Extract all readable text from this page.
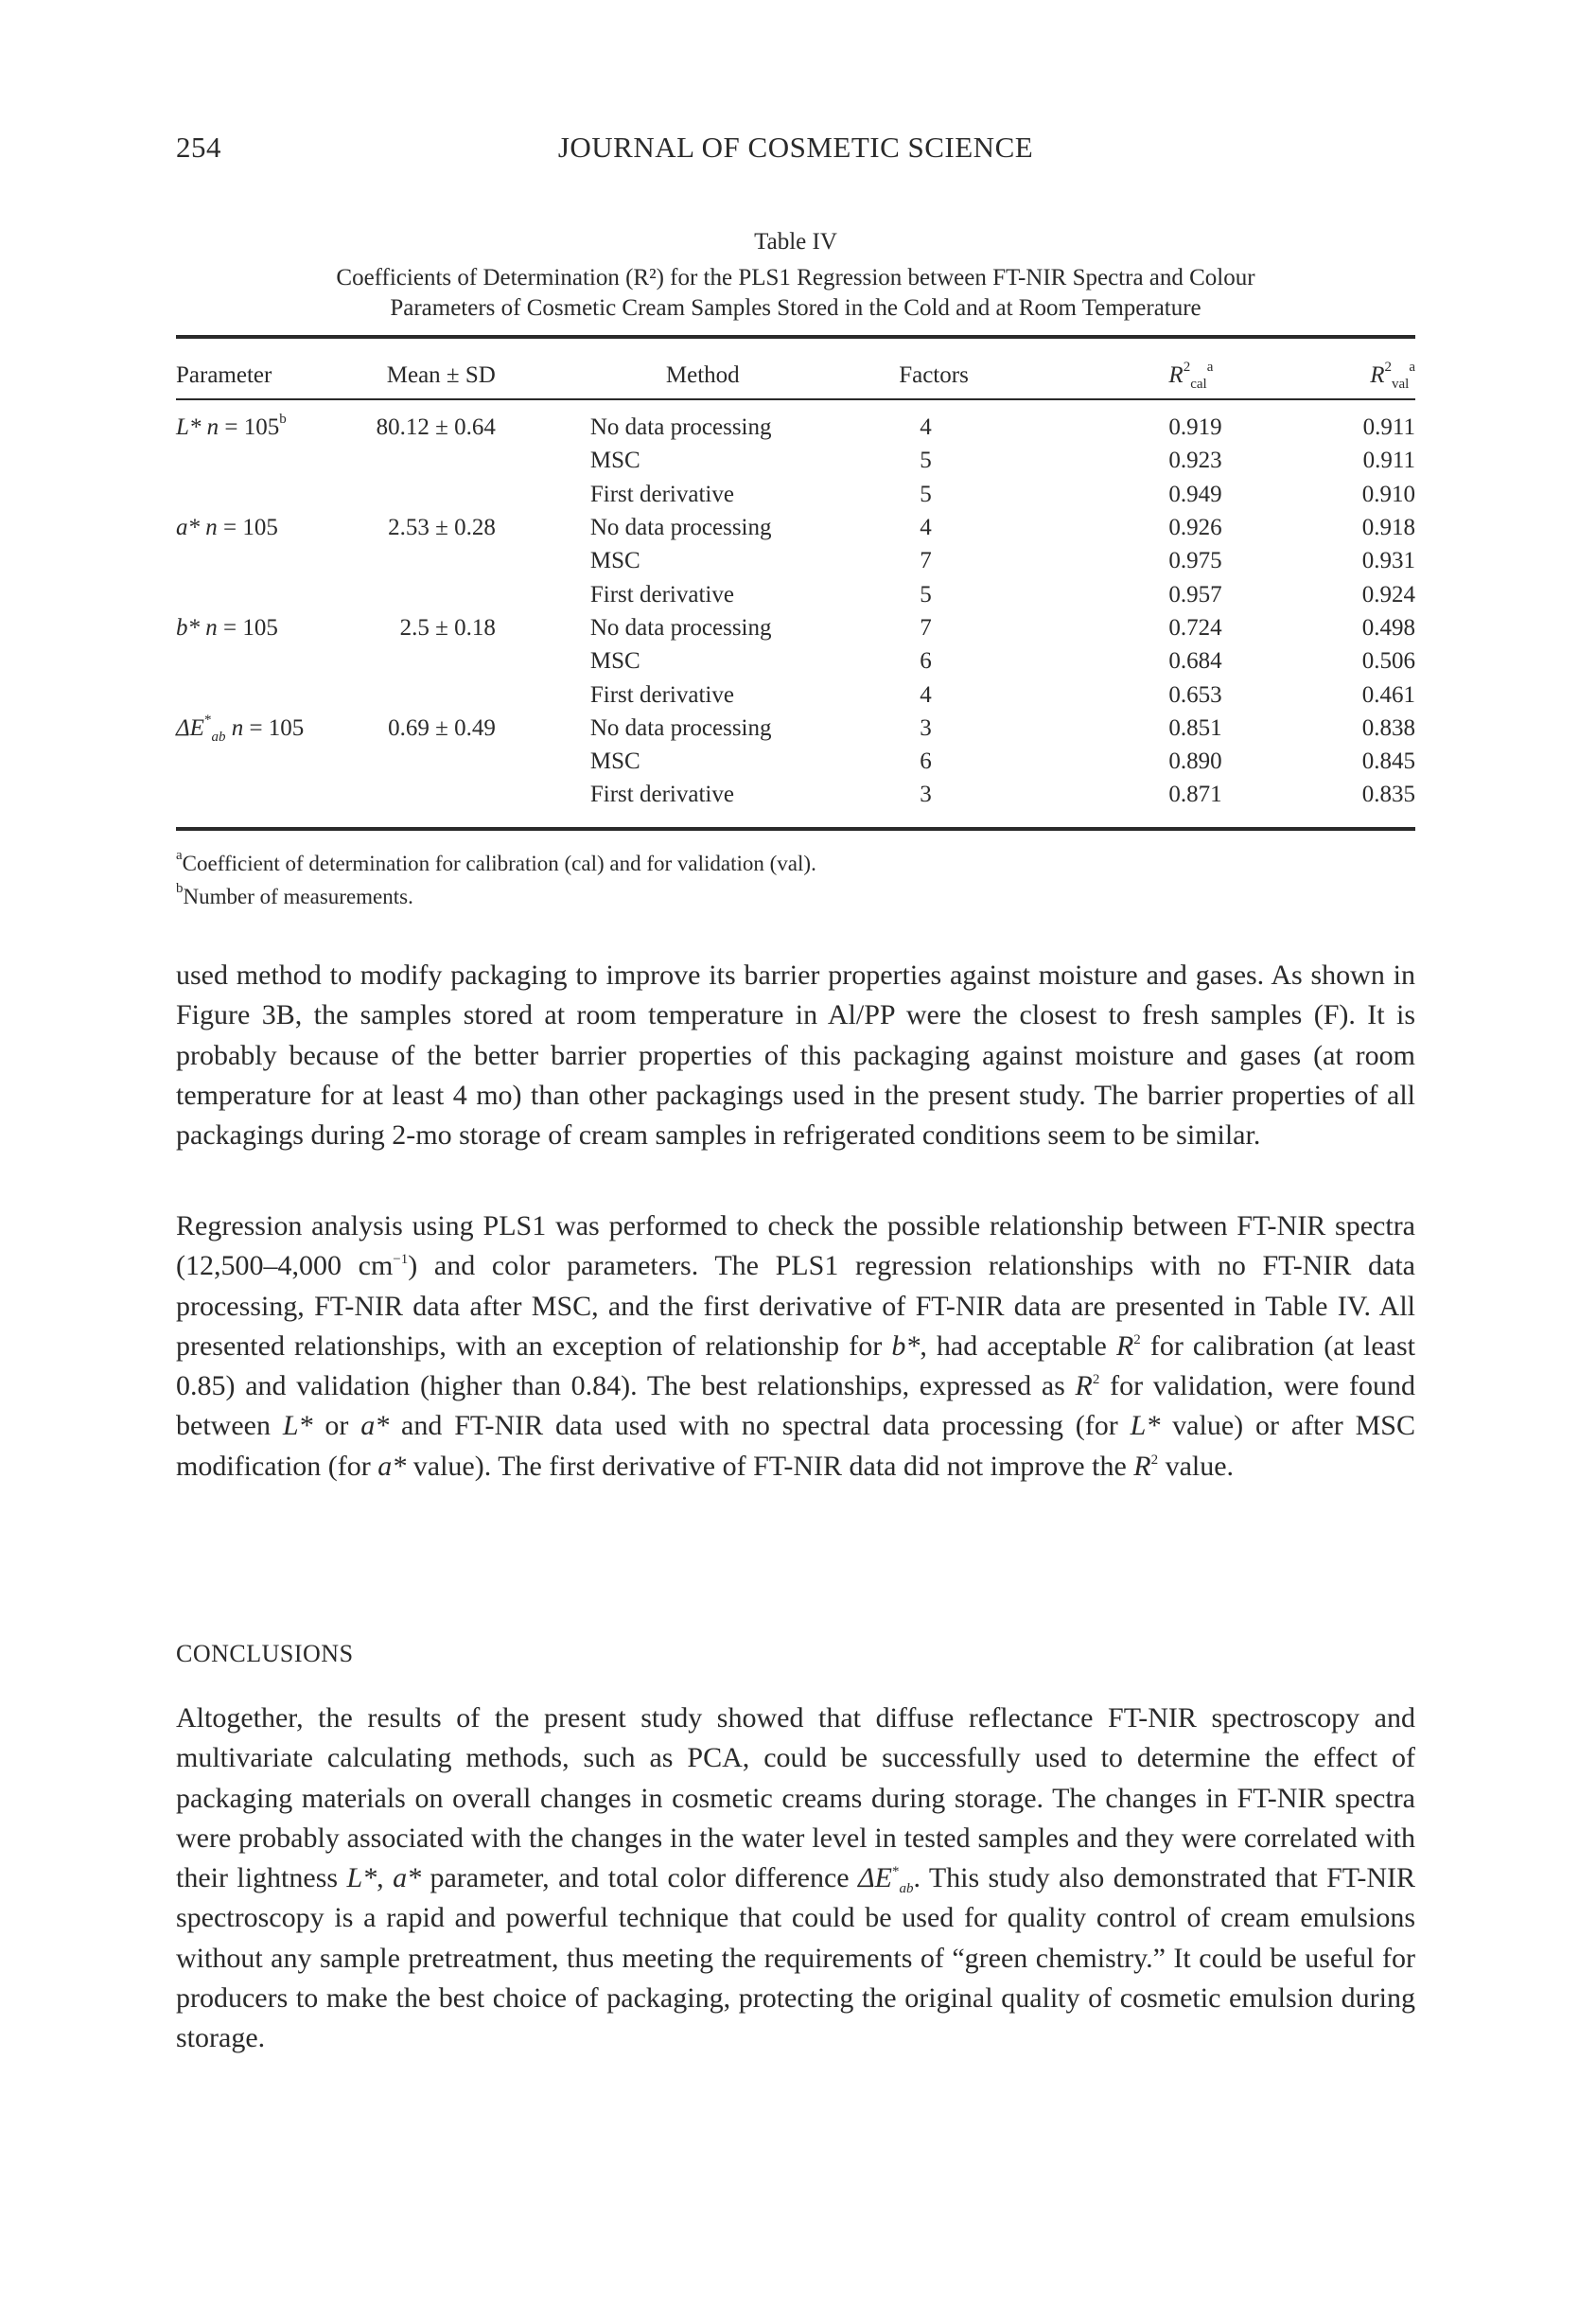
254	JOURNAL OF COSMETIC SCIENCE
Table IV
Coefficients of Determination (R²) for the PLS1 Regression between FT-NIR Spectra and Colour
Parameters of Cosmetic Cream Samples Stored in the Cold and at Room Temperature
Parameter	Mean ± SD	Method	Factors	$R^2_{cal}^a$	$R^2_{val}^a$
L* $n = 105^b$	80.12 ± 0.64	No data processing	4	0.919	0.911
		MSC	5	0.923	0.911
		First derivative	5	0.949	0.910
a* n = 105	2.53 ± 0.28	No data processing	4	0.926	0.918
		MSC	7	0.975	0.931
		First derivative	5	0.957	0.924
b* n = 105	2.5 ± 0.18	No data processing	7	0.724	0.498
		MSC	6	0.684	0.506
		First derivative	4	0.653	0.461
$\Delta E^*_{ab}$ n = 105	0.69 ± 0.49	No data processing	3	0.851	0.838
		MSC	6	0.890	0.845
		First derivative	3	0.871	0.835
$^a$Coefficient of determination for calibration (cal) and for validation (val).
$^b$Number of measurements.

used method to modify packaging to improve its barrier properties against moisture and gases. As shown in Figure 3B, the samples stored at room temperature in Al/PP were the closest to fresh samples (F). It is probably because of the better barrier properties of this packaging against moisture and gases (at room temperature for at least 4 mo) than other packagings used in the present study. The barrier properties of all packagings during 2-mo storage of cream samples in refrigerated conditions seem to be similar.

Regression analysis using PLS1 was performed to check the possible relationship between FT-NIR spectra (12,500–4,000 $cm^{-1}$) and color parameters. The PLS1 regression relationships with no FT-NIR data processing, FT-NIR data after MSC, and the first derivative of FT-NIR data are presented in Table IV. All presented relationships, with an exception of relationship for b*, had acceptable $R^2$ for calibration (at least 0.85) and validation (higher than 0.84). The best relationships, expressed as $R^2$ for validation, were found between L* or a* and FT-NIR data used with no spectral data processing (for L* value) or after MSC modification (for a* value). The first derivative of FT-NIR data did not improve the $R^2$ value.

CONCLUSIONS

Altogether, the results of the present study showed that diffuse reflectance FT-NIR spectroscopy and multivariate calculating methods, such as PCA, could be successfully used to determine the effect of packaging materials on overall changes in cosmetic creams during storage. The changes in FT-NIR spectra were probably associated with the changes in the water level in tested samples and they were correlated with their lightness L*, a* parameter, and total color difference $\Delta E^*_{ab}$. This study also demonstrated that FT-NIR spectroscopy is a rapid and powerful technique that could be used for quality control of cream emulsions without any sample pretreatment, thus meeting the requirements of “green chemistry.” It could be useful for producers to make the best choice of packaging, protecting the original quality of cosmetic emulsion during storage.
